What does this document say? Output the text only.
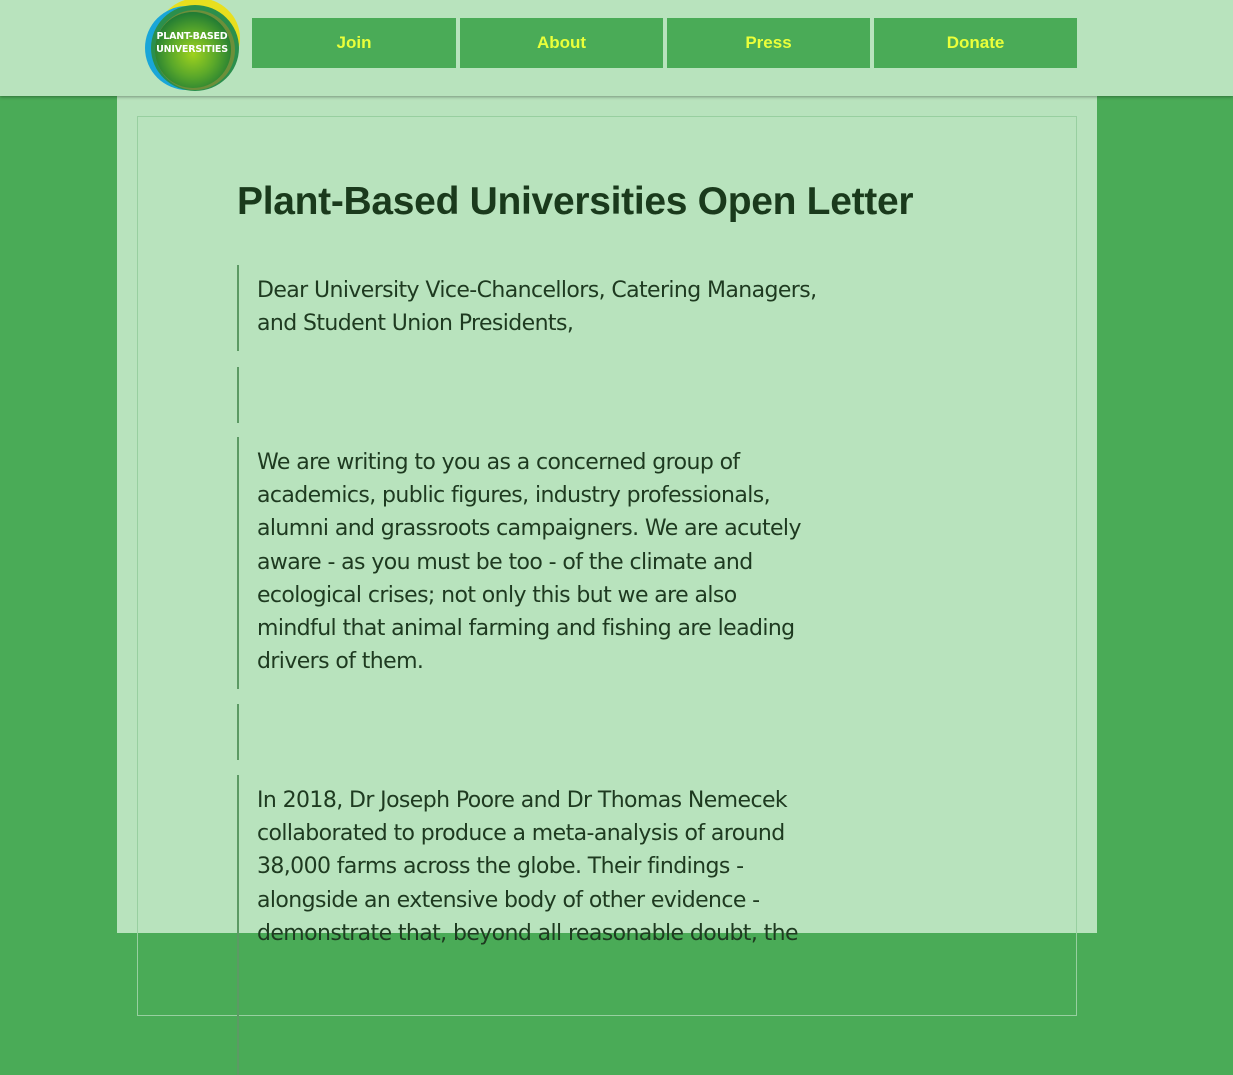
PLANT-BASED
UNIVERSITIES	Join	About	Press	Donate
Plant-Based Universities Open Letter
Dear University Vice-Chancellors, Catering Managers,
and Student Union Presidents,
We are writing to you as a concerned group of
academics, public figures, industry professionals,
alumni and grassroots campaigners. We are acutely
aware - as you must be too - of the climate and
ecological crises; not only this but we are also
mindful that animal farming and fishing are leading
drivers of them.
In 2018, Dr Joseph Poore and Dr Thomas Nemecek
collaborated to produce a meta-analysis of around
38,000 farms across the globe. Their findings -
alongside an extensive body of other evidence -
demonstrate that, beyond all reasonable doubt, the
